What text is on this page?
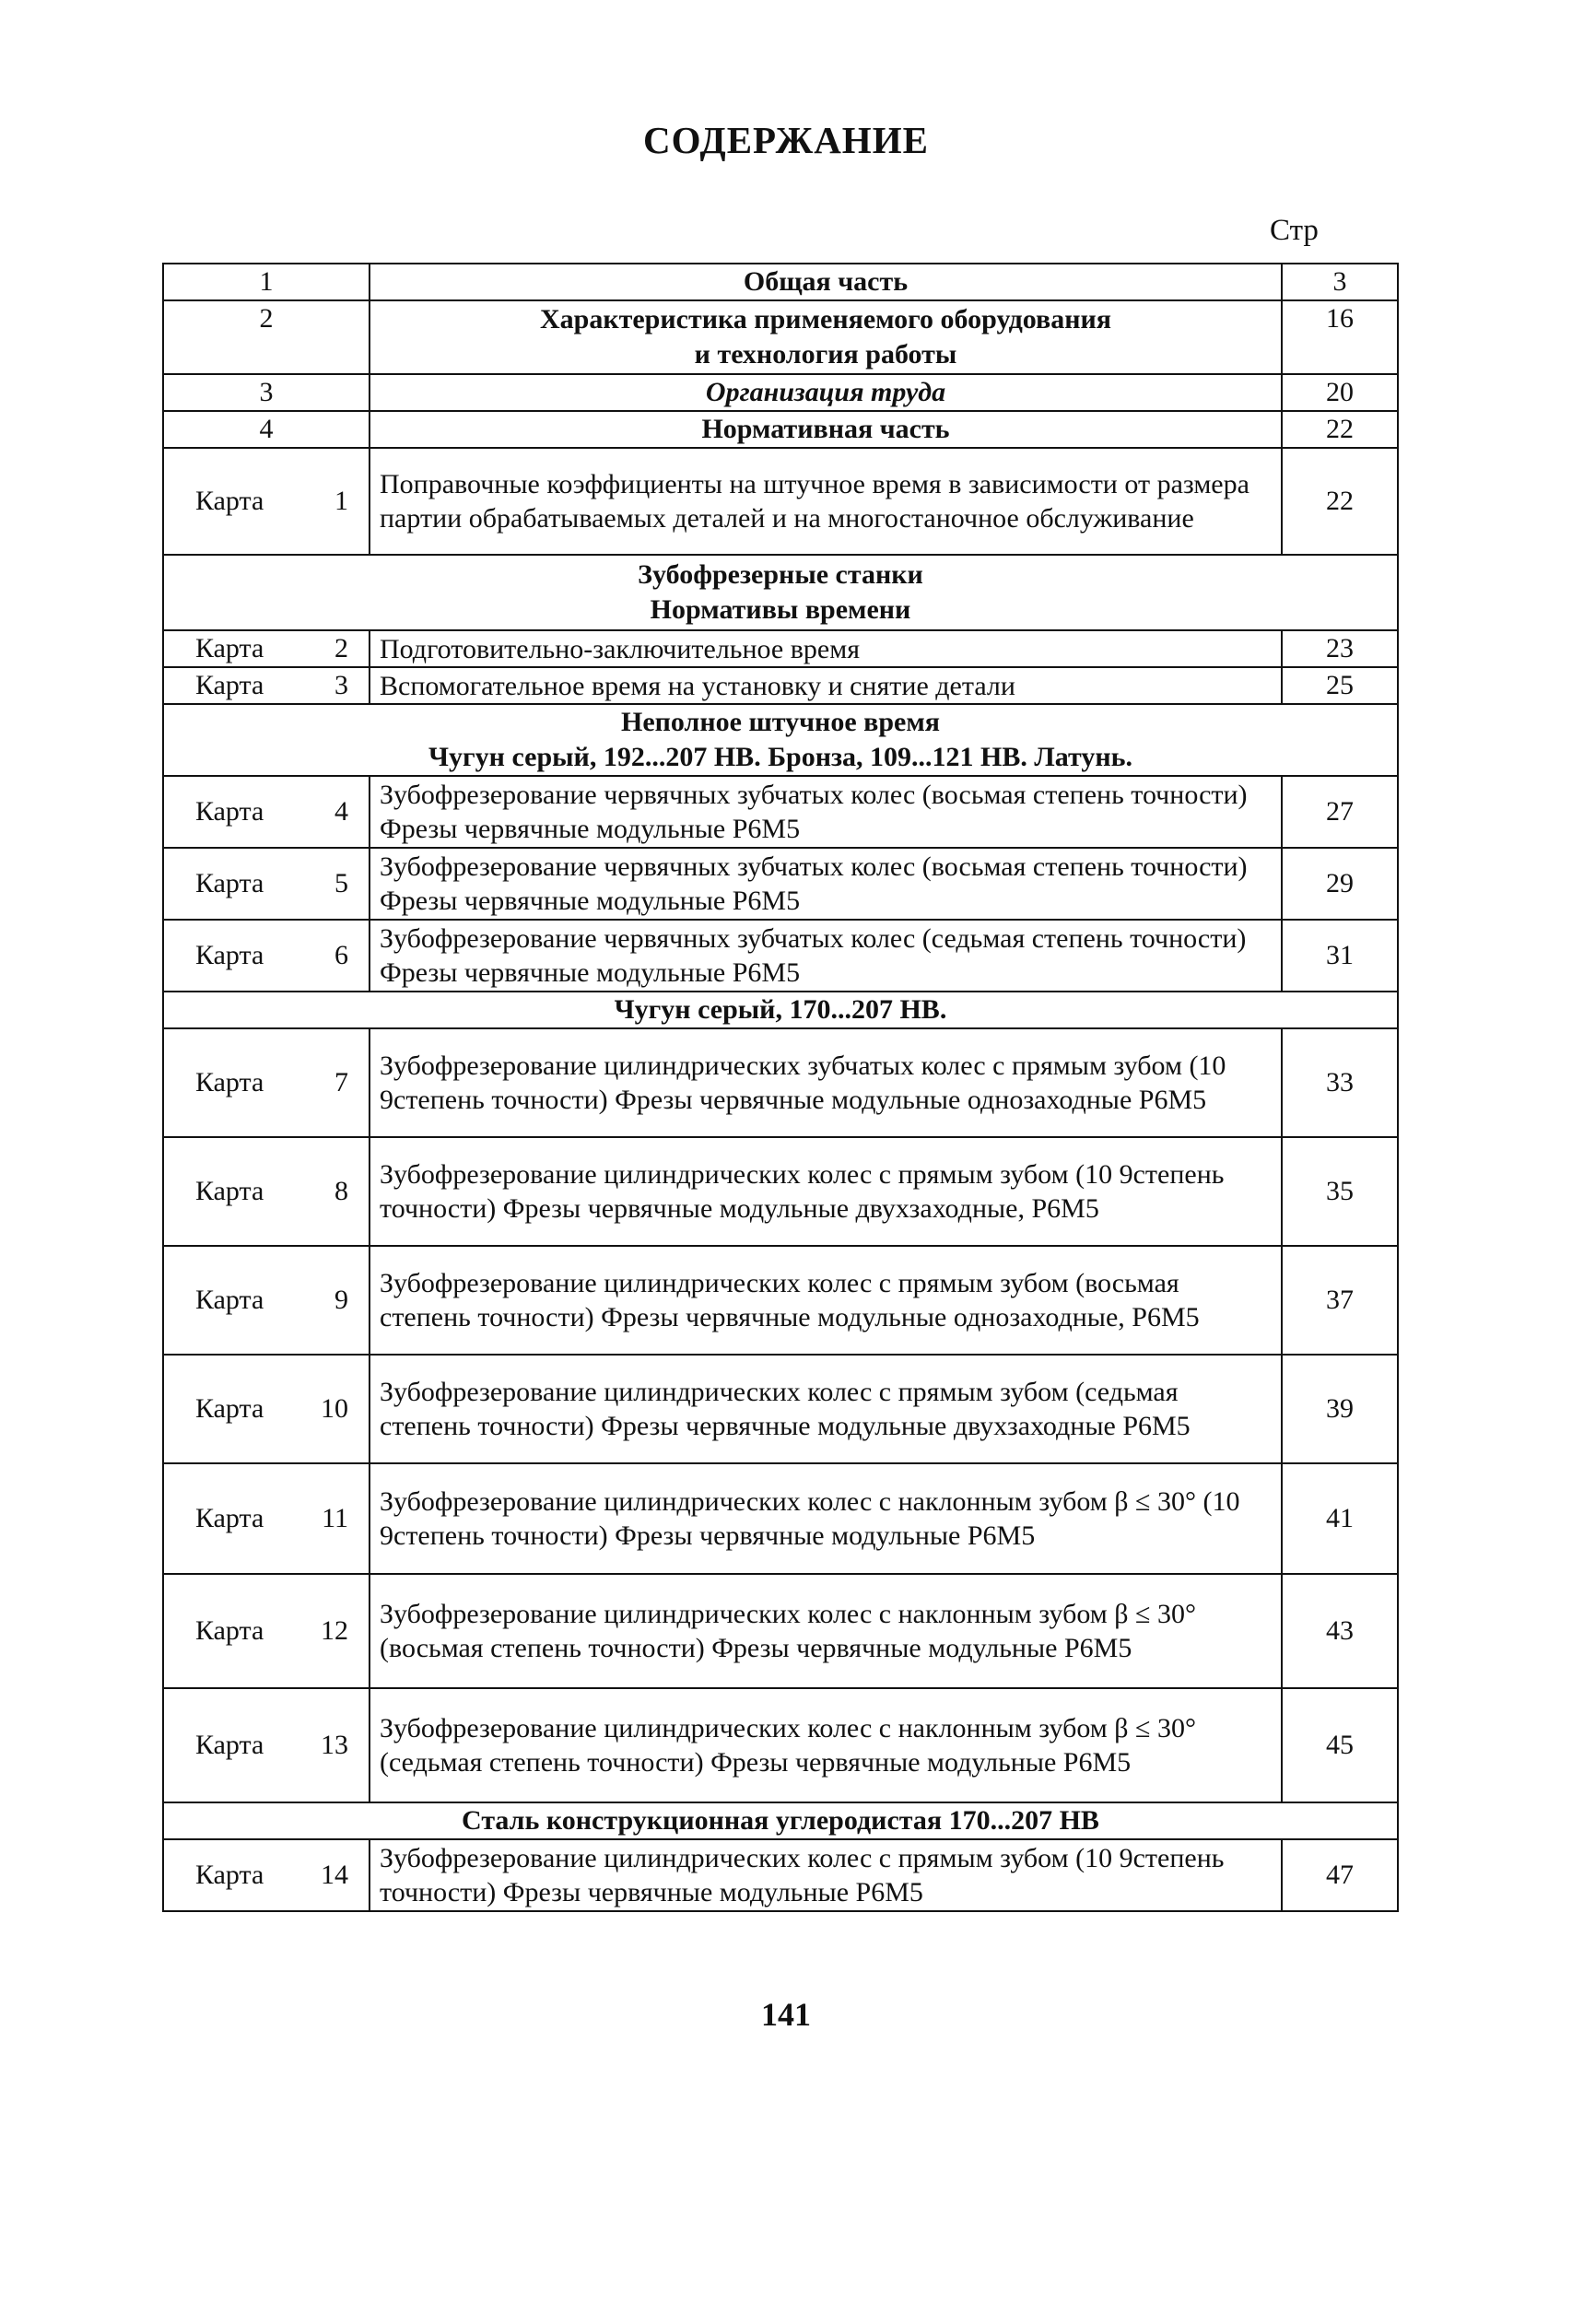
СОДЕРЖАНИЕ
Стр
1	Общая часть	3
2	Характеристика применяемого оборудования и технология работы	16
3	Организация труда	20
4	Нормативная часть	22

Карта 1	Поправочные коэффициенты на штучное время в зависимости от размера партии обрабатываемых деталей и на многостаночное обслуживание	22

Зубофрезерные станки
Нормативы времени		

Карта 2	Подготовительно-заключительное время	23

Карта 3	Вспомогательное время на установку и снятие детали	25

Неполное штучное время
Чугун серый, 192...207 НВ. Бронза, 109...121 НВ. Латунь.		

Карта 4	Зубофрезерование червячных зубчатых колес (восьмая степень точности) Фрезы червячные модульные Р6М5	27

Карта 5	Зубофрезерование червячных зубчатых колес (восьмая степень точности) Фрезы червячные модульные Р6М5	29

Карта 6	Зубофрезерование червячных зубчатых колес (седьмая степень точности) Фрезы червячные модульные Р6М5	31
Чугун серый, 170...207 НВ.		

Карта 7	Зубофрезерование цилиндрических зубчатых колес с прямым зубом (10 9степень точности) Фрезы червячные модульные однозаходные Р6М5	33

Карта 8	Зубофрезерование цилиндрических колес с прямым зубом (10 9степень точности) Фрезы червячные модульные двухзаходные, Р6М5	35

Карта 9	Зубофрезерование цилиндрических колес с прямым зубом (восьмая степень точности) Фрезы червячные модульные однозаходные, Р6М5	37

Карта 10	Зубофрезерование цилиндрических колес с прямым зубом (седьмая степень точности) Фрезы червячные модульные двухзаходные Р6М5	39

Карта 11	Зубофрезерование цилиндрических колес с наклонным зубом β ≤ 30° (10 9степень точности) Фрезы червячные модульные Р6М5	41

Карта 12	Зубофрезерование цилиндрических колес с наклонным зубом β ≤ 30° (восьмая степень точности) Фрезы червячные модульные Р6М5	43

Карта 13	Зубофрезерование цилиндрических колес с наклонным зубом β ≤ 30° (седьмая степень точности) Фрезы червячные модульные Р6М5	45
Сталь конструкционная углеродистая 170...207 НВ		

Карта 14	Зубофрезерование цилиндрических колес с прямым зубом (10 9степень точности) Фрезы червячные модульные Р6М5	47
141
